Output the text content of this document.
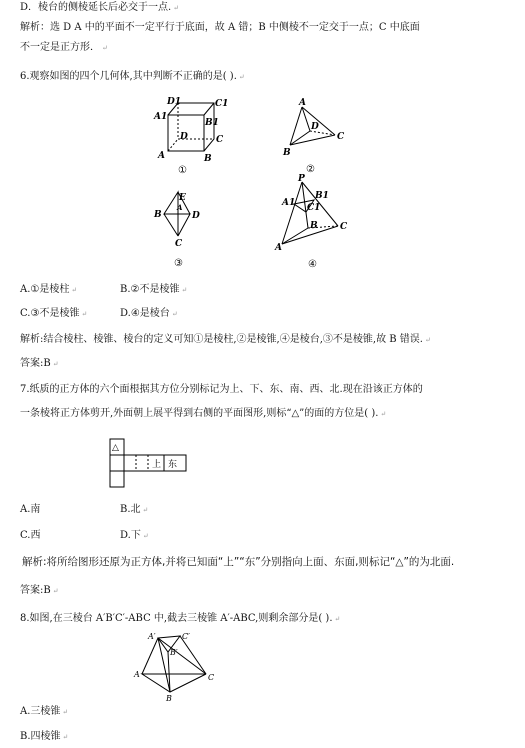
D．棱台的侧棱延长后必交于一点. ↵
解析：选 D A 中的平面不一定平行于底面，故 A 错；B 中侧棱不一定交于一点；C 中底面
不一定是正方形． ↵
6.观察如图的四个几何体,其中判断不正确的是( ). ↵
D1	C1
A1
B1
D	C
A	B
①
A
D
B
C
②
E
B	D
A
C
③
P
B1
A1 C1
B C
A
④
A.①是棱柱 ↵	B.②不是棱锥 ↵
C.③不是棱锥 ↵	D.④是棱台 ↵
解析:结合棱柱、棱锥、棱台的定义可知①是棱柱,②是棱锥,④是棱台,③不是棱锥,故 B 错误. ↵
答案:B ↵
7.纸质的正方体的六个面根据其方位分别标记为上、下、东、南、西、北.现在沿该正方体的
一条棱将正方体剪开,外面朝上展平得到右侧的平面图形,则标“△”的面的方位是( ). ↵
△
上 东
A.南	B.北 ↵
C.西	D.下 ↵
解析:将所给图形还原为正方体,并将已知面“上”“东”分别指向上面、东面,则标记“△”的为北面.
答案:B ↵
8.如图,在三棱台 A′B′C′-ABC 中,截去三棱锥 A′-ABC,则剩余部分是( ). ↵
A′	C′
B′
A	C
B
A.三棱锥 ↵
B.四棱锥 ↵
